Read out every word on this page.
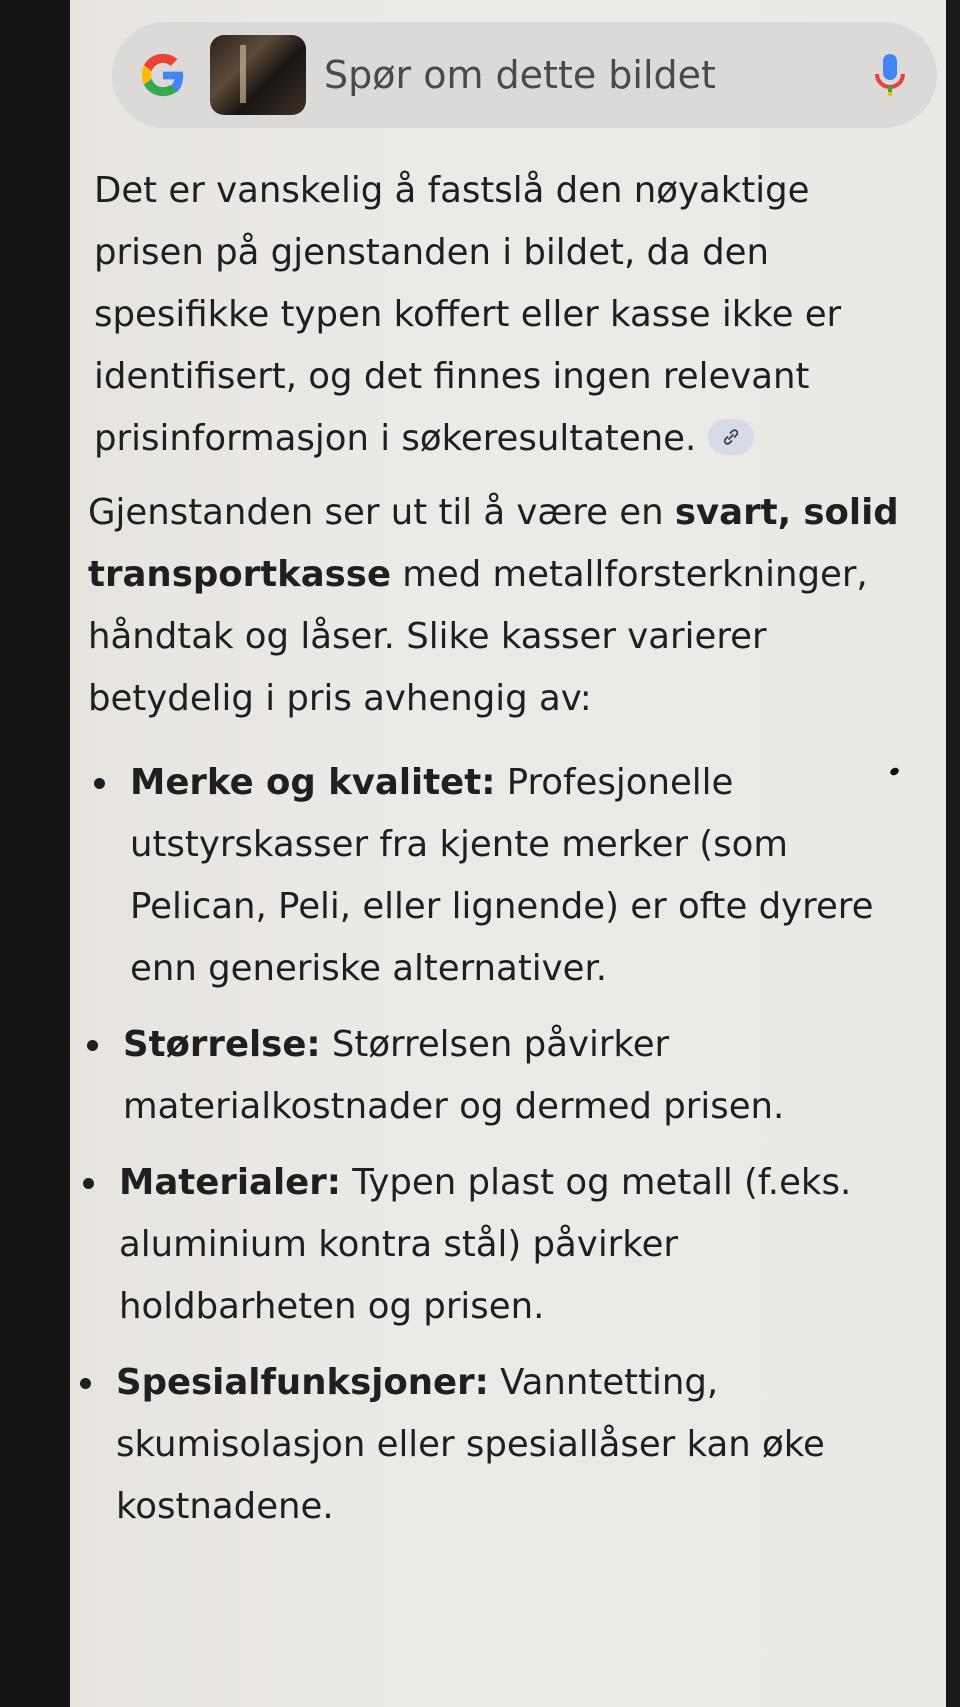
Spør om dette bildet

Det er vanskelig å fastslå den nøyaktige prisen på gjenstanden i bildet, da den spesifikke typen koffert eller kasse ikke er identifisert, og det finnes ingen relevant prisinformasjon i søkeresultatene.

Gjenstanden ser ut til å være en svart, solid transportkasse med metallforsterkninger, håndtak og låser. Slike kasser varierer betydelig i pris avhengig av:

Merke og kvalitet: Profesjonelle utstyrskasser fra kjente merker (som Pelican, Peli, eller lignende) er ofte dyrere enn generiske alternativer.
Størrelse: Størrelsen påvirker materialkostnader og dermed prisen.
Materialer: Typen plast og metall (f.eks. aluminium kontra stål) påvirker holdbarheten og prisen.
Spesialfunksjoner: Vanntetting, skumisolasjon eller spesiallåser kan øke kostnadene.
